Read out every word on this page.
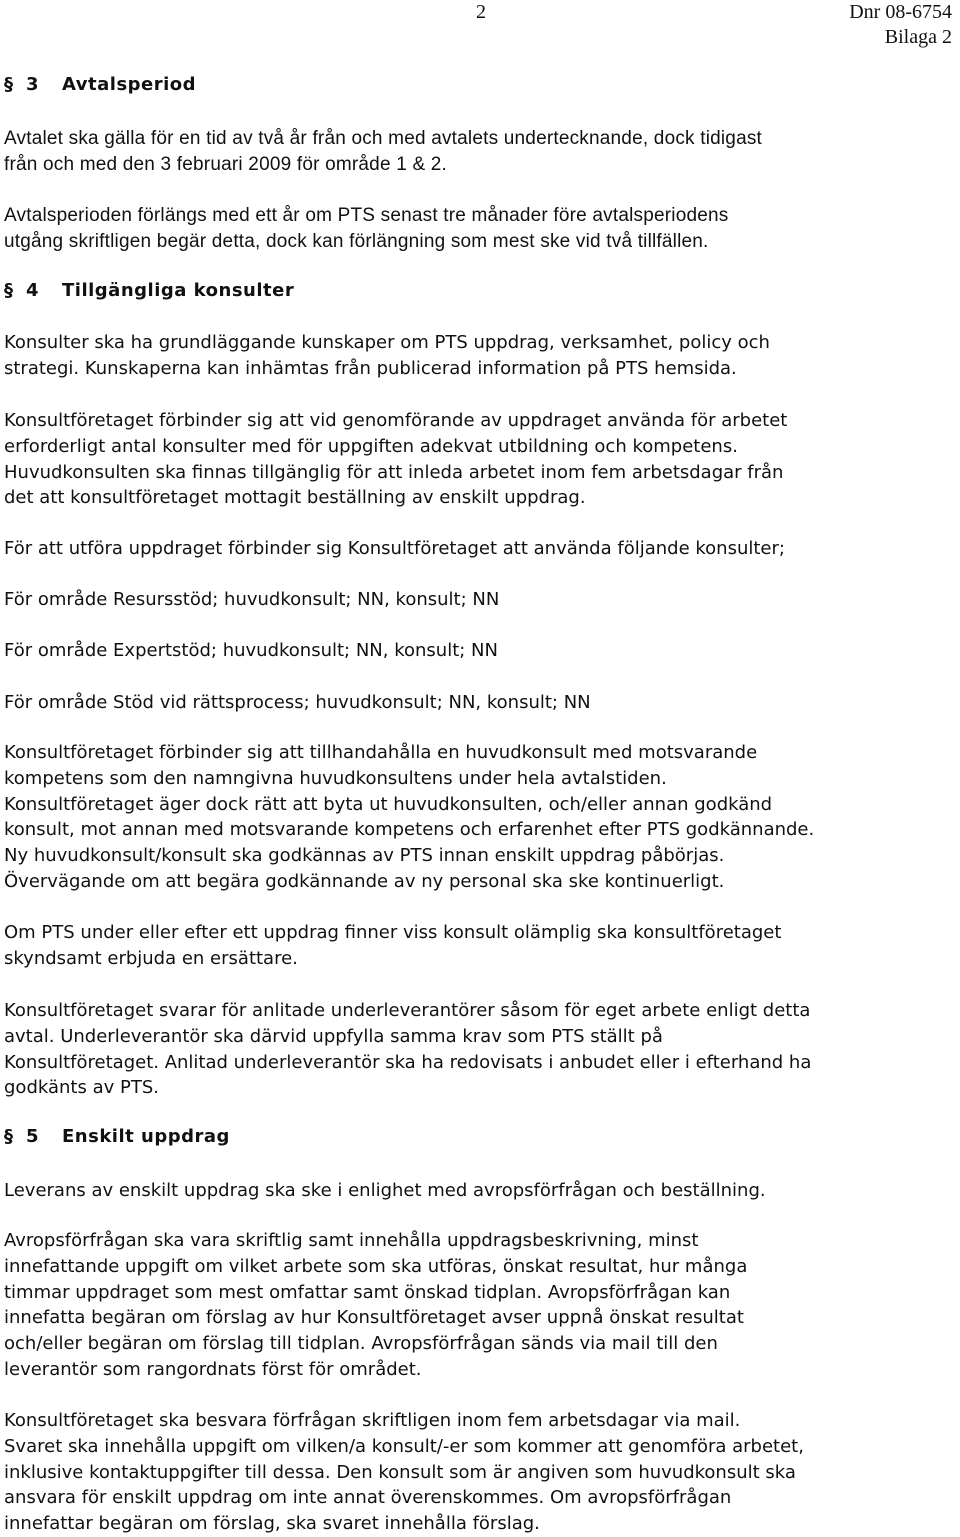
2	Dnr 08-6754
Bilaga 2
§ 3 Avtalsperiod

Avtalet ska gälla för en tid av två år från och med avtalets undertecknande, dock tidigast
från och med den 3 februari 2009 för område 1 & 2.

Avtalsperioden förlängs med ett år om PTS senast tre månader före avtalsperiodens
utgång skriftligen begär detta, dock kan förlängning som mest ske vid två tillfällen.

§ 4 Tillgängliga konsulter

Konsulter ska ha grundläggande kunskaper om PTS uppdrag, verksamhet, policy och
strategi. Kunskaperna kan inhämtas från publicerad information på PTS hemsida.

Konsultföretaget förbinder sig att vid genomförande av uppdraget använda för arbetet
erforderligt antal konsulter med för uppgiften adekvat utbildning och kompetens.
Huvudkonsulten ska finnas tillgänglig för att inleda arbetet inom fem arbetsdagar från
det att konsultföretaget mottagit beställning av enskilt uppdrag.

För att utföra uppdraget förbinder sig Konsultföretaget att använda följande konsulter;

För område Resursstöd; huvudkonsult; NN, konsult; NN

För område Expertstöd; huvudkonsult; NN, konsult; NN

För område Stöd vid rättsprocess; huvudkonsult; NN, konsult; NN

Konsultföretaget förbinder sig att tillhandahålla en huvudkonsult med motsvarande
kompetens som den namngivna huvudkonsultens under hela avtalstiden.
Konsultföretaget äger dock rätt att byta ut huvudkonsulten, och/eller annan godkänd
konsult, mot annan med motsvarande kompetens och erfarenhet efter PTS godkännande.
Ny huvudkonsult/konsult ska godkännas av PTS innan enskilt uppdrag påbörjas.
Övervägande om att begära godkännande av ny personal ska ske kontinuerligt.

Om PTS under eller efter ett uppdrag finner viss konsult olämplig ska konsultföretaget
skyndsamt erbjuda en ersättare.

Konsultföretaget svarar för anlitade underleverantörer såsom för eget arbete enligt detta
avtal. Underleverantör ska därvid uppfylla samma krav som PTS ställt på
Konsultföretaget. Anlitad underleverantör ska ha redovisats i anbudet eller i efterhand ha
godkänts av PTS.

§ 5 Enskilt uppdrag

Leverans av enskilt uppdrag ska ske i enlighet med avropsförfrågan och beställning.

Avropsförfrågan ska vara skriftlig samt innehålla uppdragsbeskrivning, minst
innefattande uppgift om vilket arbete som ska utföras, önskat resultat, hur många
timmar uppdraget som mest omfattar samt önskad tidplan. Avropsförfrågan kan
innefatta begäran om förslag av hur Konsultföretaget avser uppnå önskat resultat
och/eller begäran om förslag till tidplan. Avropsförfrågan sänds via mail till den
leverantör som rangordnats först för området.

Konsultföretaget ska besvara förfrågan skriftligen inom fem arbetsdagar via mail.
Svaret ska innehålla uppgift om vilken/a konsult/-er som kommer att genomföra arbetet,
inklusive kontaktuppgifter till dessa. Den konsult som är angiven som huvudkonsult ska
ansvara för enskilt uppdrag om inte annat överenskommes. Om avropsförfrågan
innefattar begäran om förslag, ska svaret innehålla förslag.
